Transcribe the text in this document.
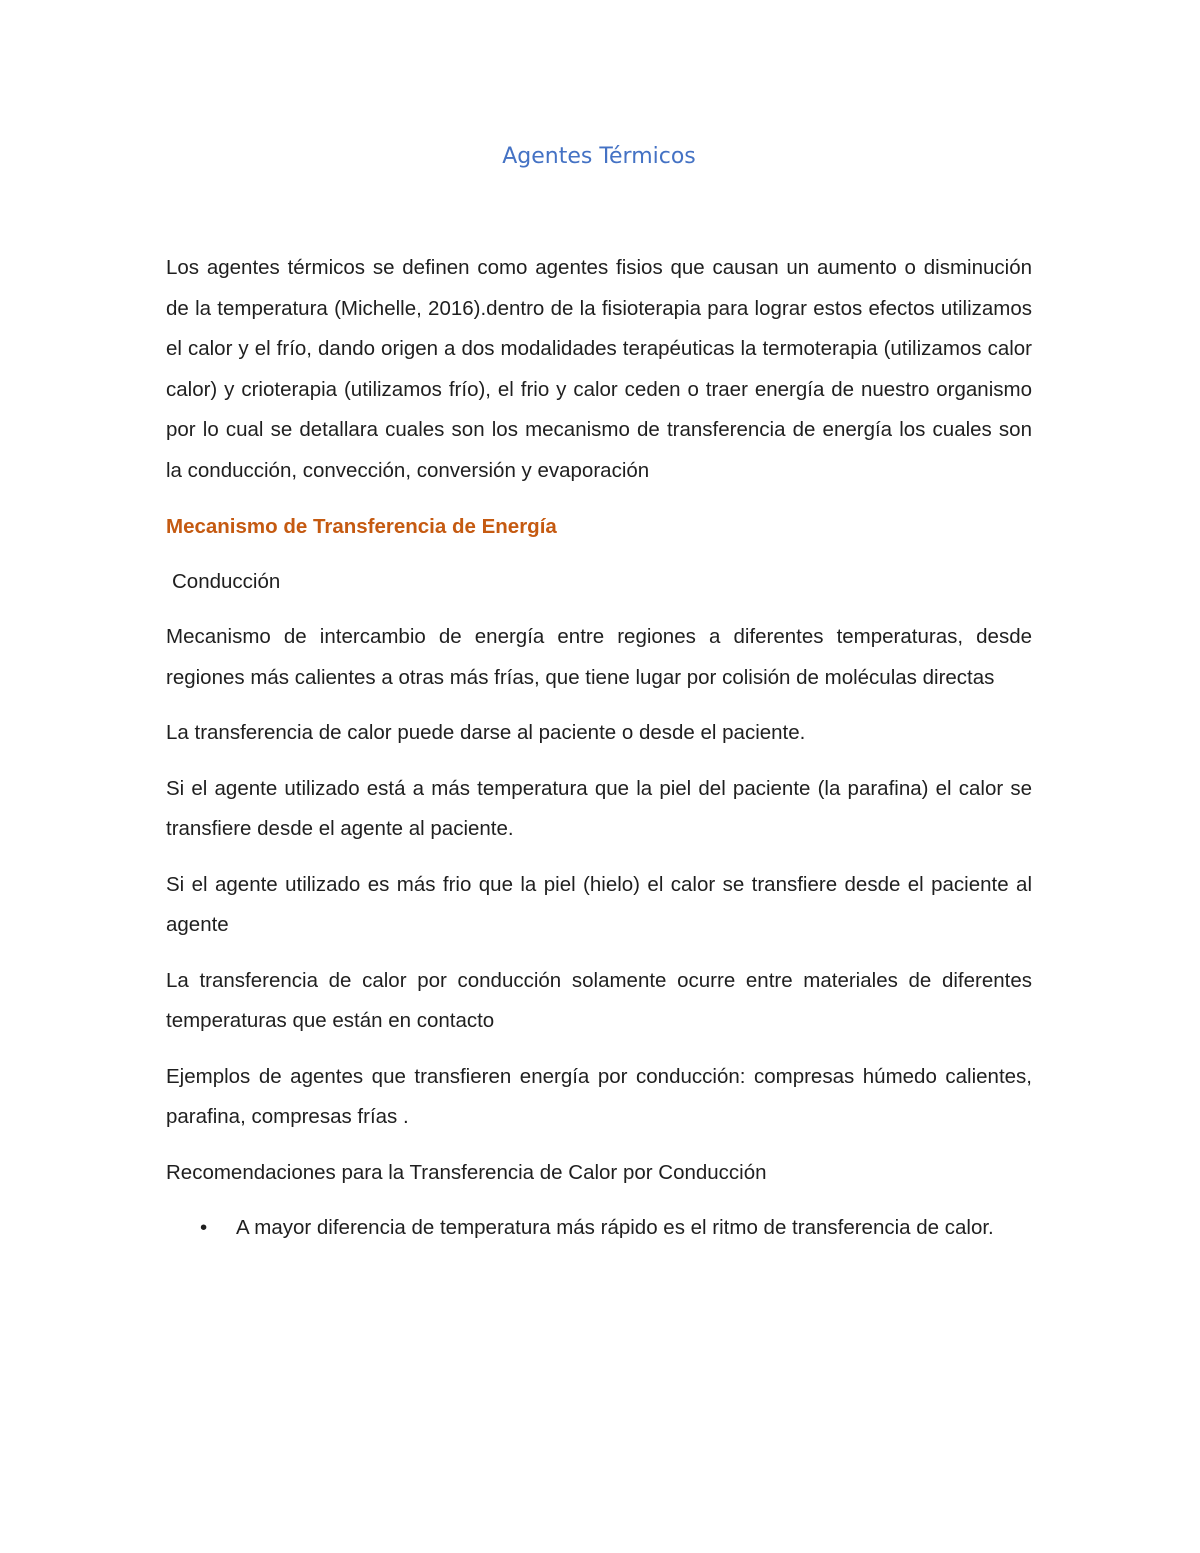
Agentes Térmicos

Los agentes térmicos se definen como agentes fisios que causan un aumento o disminución de la temperatura (Michelle, 2016).dentro de la fisioterapia para lograr estos efectos utilizamos el calor y el frío, dando origen a dos modalidades terapéuticas la termoterapia (utilizamos calor calor) y crioterapia (utilizamos frío), el frio y calor ceden o traer energía de nuestro organismo por lo cual se detallara cuales son los mecanismo de transferencia de energía los cuales son la conducción, convección, conversión y evaporación

Mecanismo de Transferencia de Energía

Conducción

Mecanismo de intercambio de energía entre regiones a diferentes temperaturas, desde regiones más calientes a otras más frías, que tiene lugar por colisión de moléculas directas

La transferencia de calor puede darse al paciente o desde el paciente.

Si el agente utilizado está a más temperatura que la piel del paciente (la parafina) el calor se transfiere desde el agente al paciente.

Si el agente utilizado es más frio que la piel (hielo) el calor se transfiere desde el paciente al agente

La transferencia de calor por conducción solamente ocurre entre materiales de diferentes temperaturas que están en contacto

Ejemplos de agentes que transfieren energía por conducción: compresas húmedo calientes, parafina, compresas frías .

Recomendaciones para la Transferencia de Calor por Conducción

• A mayor diferencia de temperatura más rápido es el ritmo de transferencia de calor.
